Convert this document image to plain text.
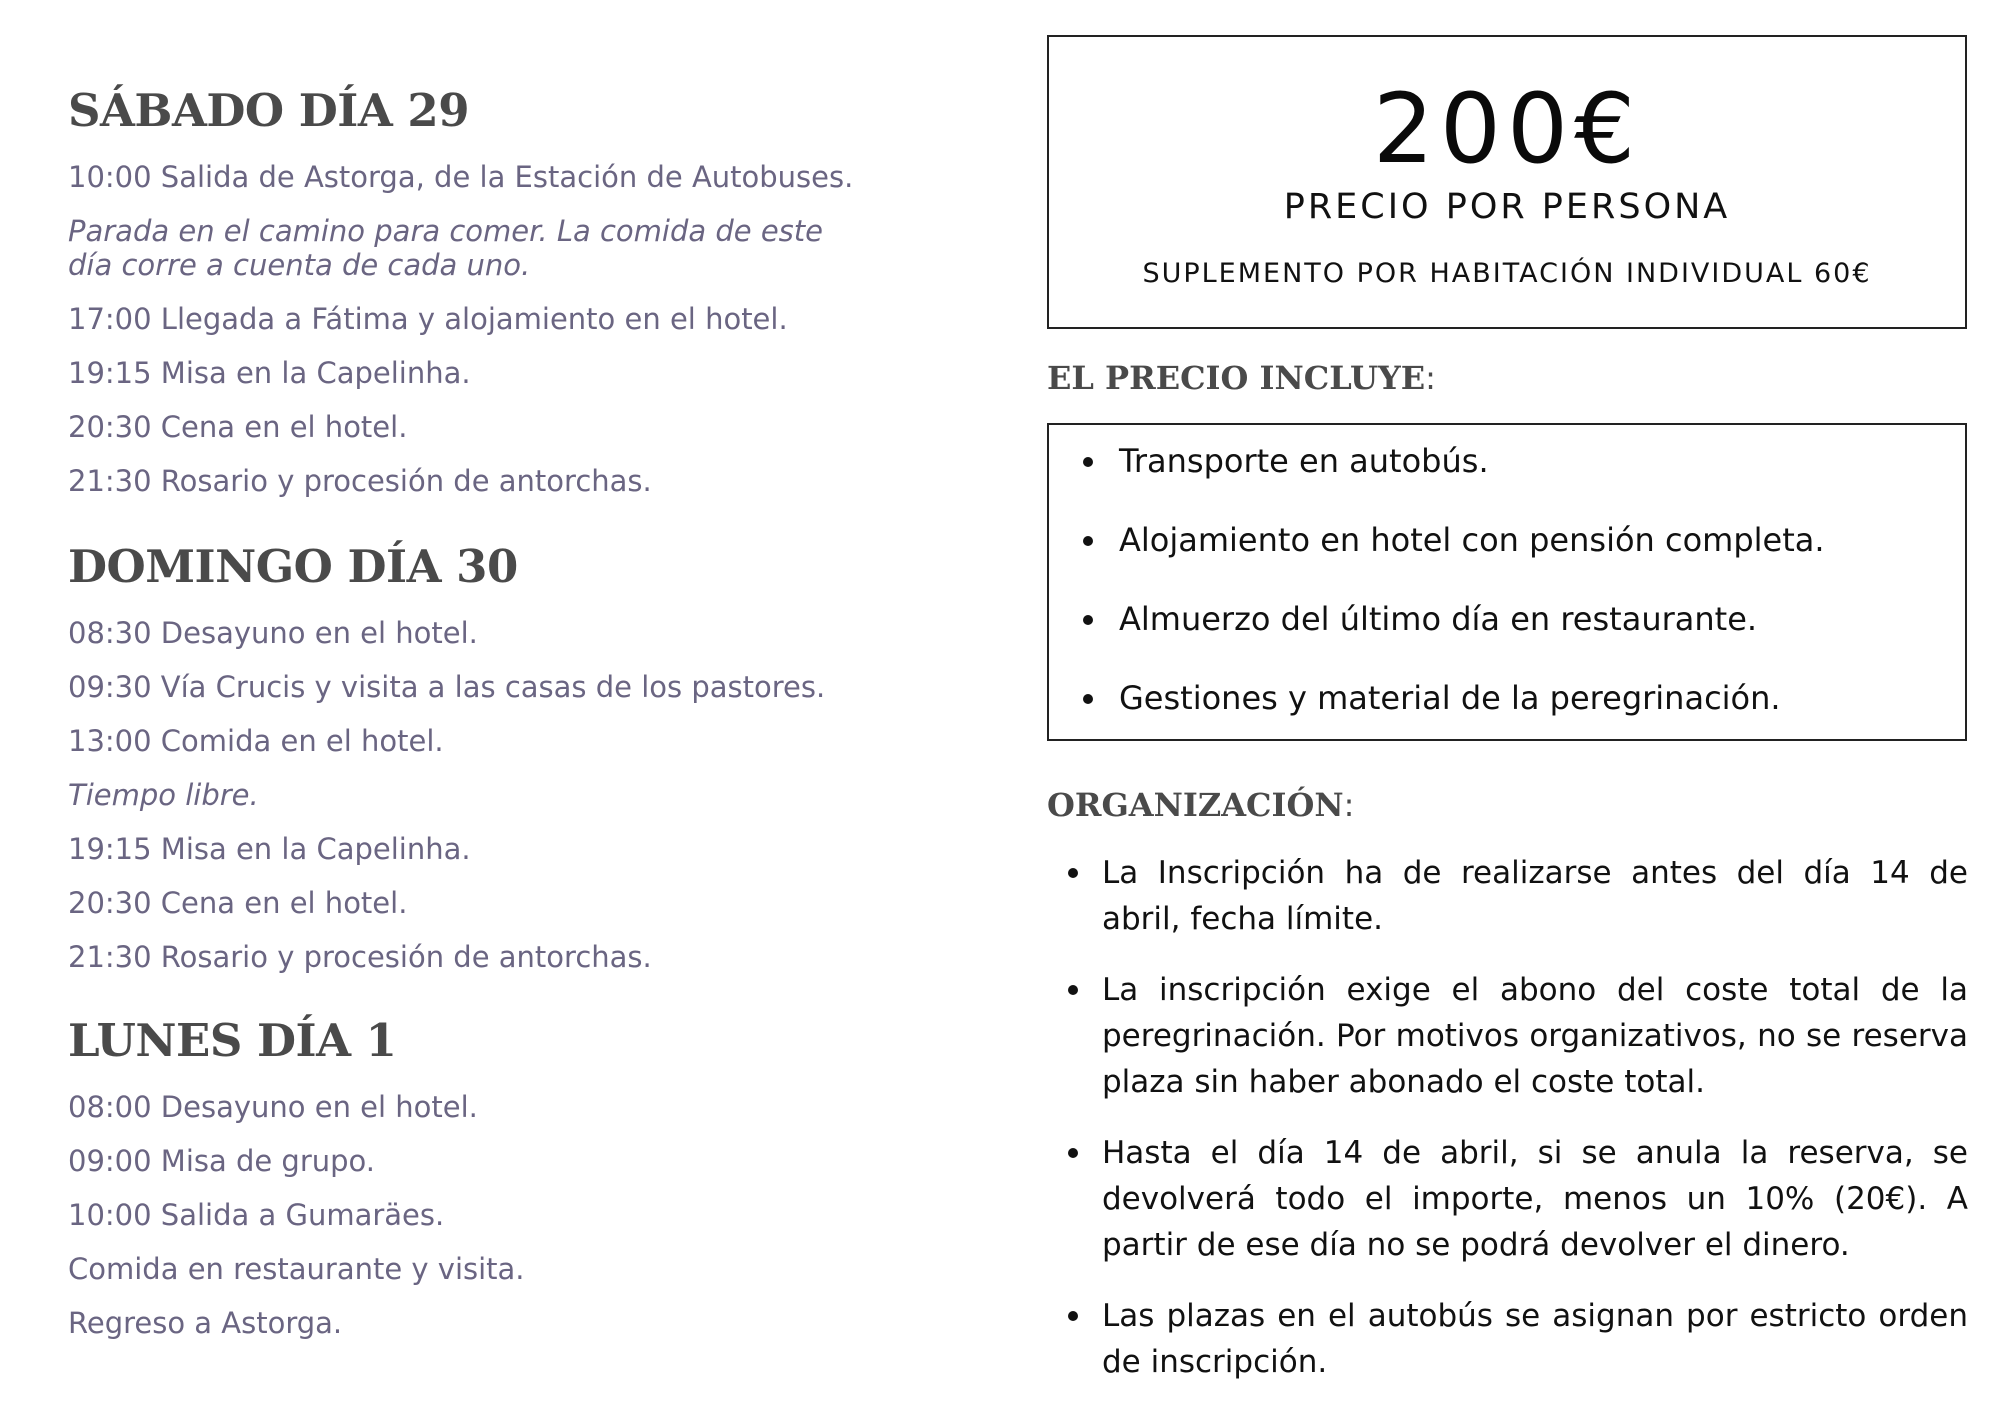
SÁBADO DÍA 29
10:00 Salida de Astorga, de la Estación de Autobuses.
Parada en el camino para comer. La comida de este día corre a cuenta de cada uno.
17:00 Llegada a Fátima y alojamiento en el hotel.
19:15 Misa en la Capelinha.
20:30 Cena en el hotel.
21:30 Rosario y procesión de antorchas.
DOMINGO DÍA 30
08:30 Desayuno en el hotel.
09:30 Vía Crucis y visita a las casas de los pastores.
13:00 Comida en el hotel.
Tiempo libre.
19:15 Misa en la Capelinha.
20:30 Cena en el hotel.
21:30 Rosario y procesión de antorchas.
LUNES DÍA 1
08:00 Desayuno en el hotel.
09:00 Misa de grupo.
10:00 Salida a Gumaräes.
Comida en restaurante y visita.
Regreso a Astorga.
200€
PRECIO POR PERSONA
SUPLEMENTO POR HABITACIÓN INDIVIDUAL 60€
EL PRECIO INCLUYE:
Transporte en autobús.
Alojamiento en hotel con pensión completa.
Almuerzo del último día en restaurante.
Gestiones y material de la peregrinación.
ORGANIZACIÓN:
La Inscripción ha de realizarse antes del día 14 de abril, fecha límite.
La inscripción exige el abono del coste total de la peregrinación. Por motivos organizativos, no se reserva plaza sin haber abonado el coste total.
Hasta el día 14 de abril, si se anula la reserva, se devolverá todo el importe, menos un 10% (20€). A partir de ese día no se podrá devolver el dinero.
Las plazas en el autobús se asignan por estricto orden de inscripción.
